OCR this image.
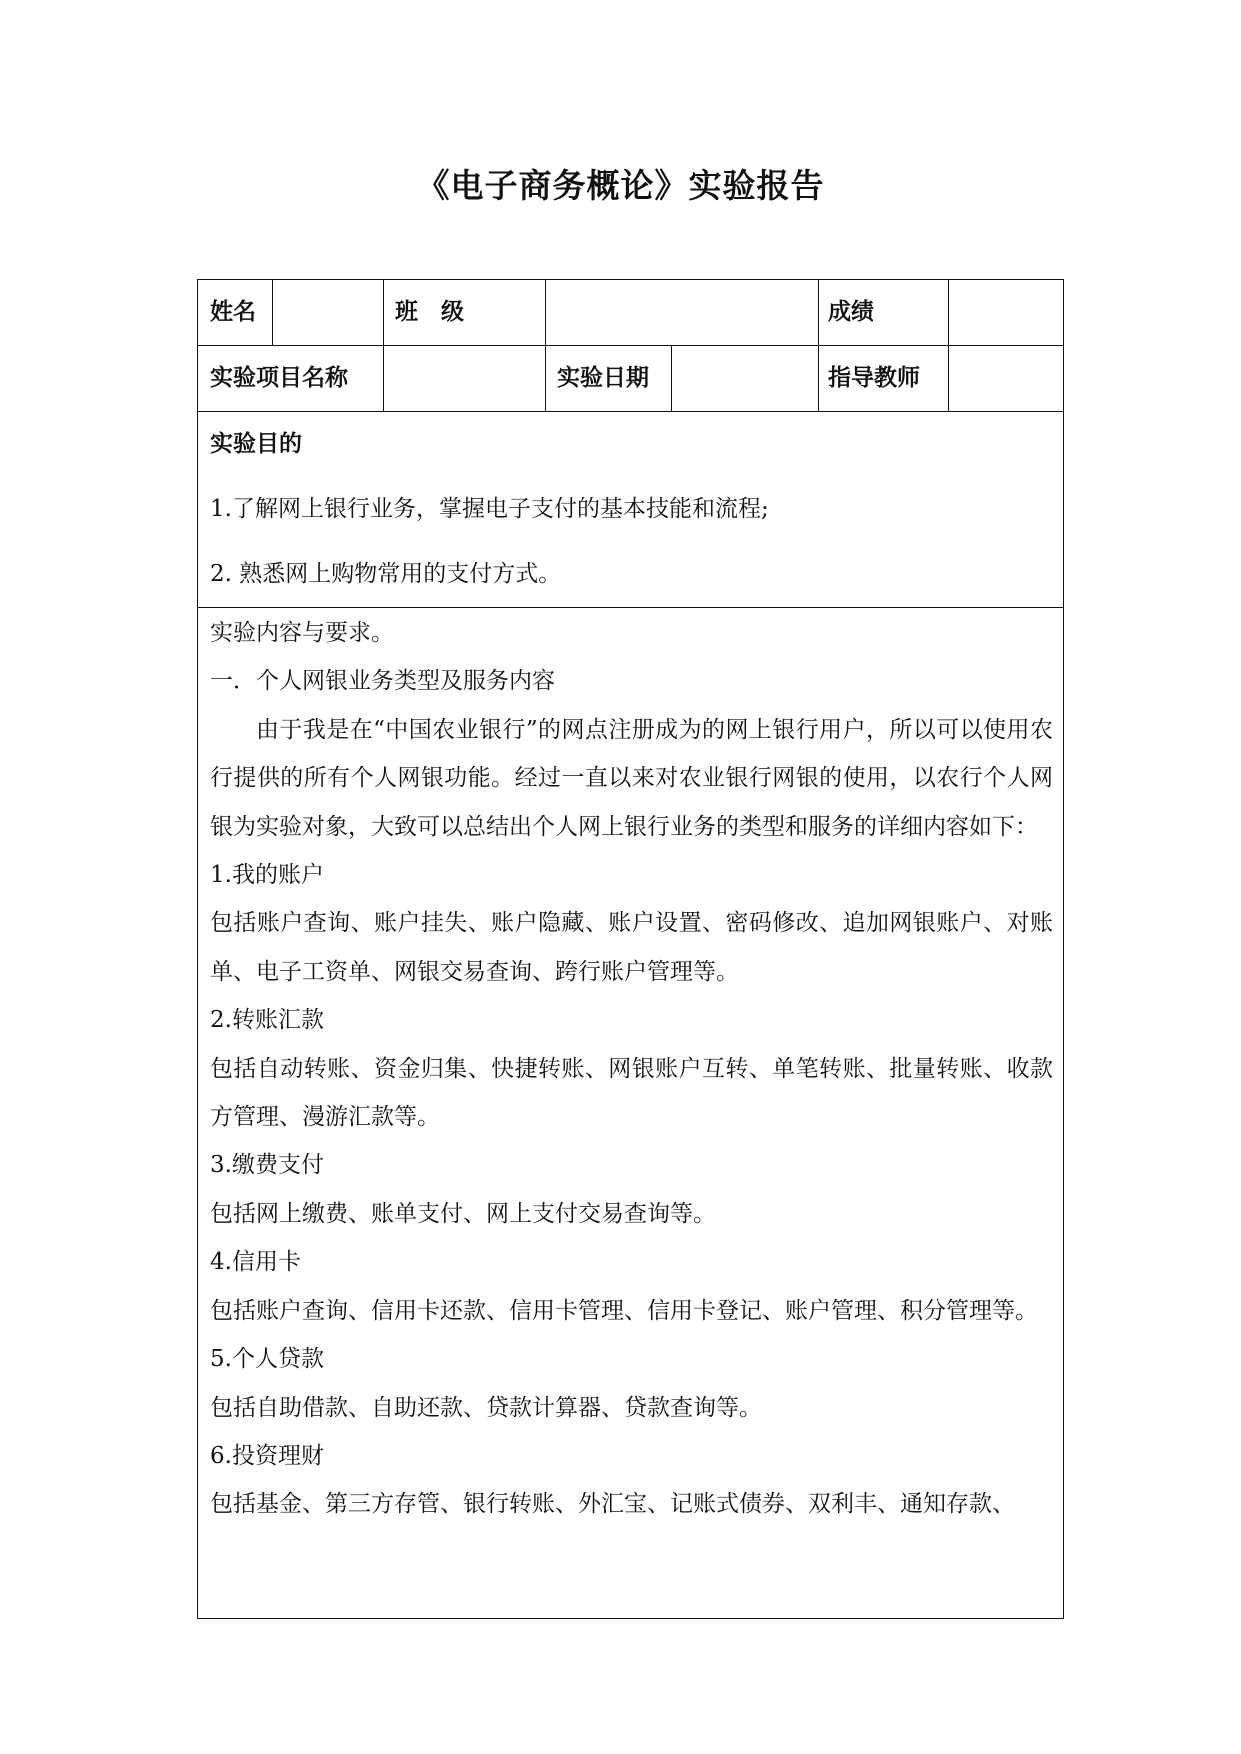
《电子商务概论》实验报告
姓名	班　级	成绩
实验项目名称	实验日期	指导教师
实验目的
1.了解网上银行业务，掌握电子支付的基本技能和流程;
2. 熟悉网上购物常用的支付方式。

实验内容与要求。

一．个人网银业务类型及服务内容

由于我是在“中国农业银行”的网点注册成为的网上银行用户，所以可以使用农行提供的所有个人网银功能。经过一直以来对农业银行网银的使用，以农行个人网银为实验对象，大致可以总结出个人网上银行业务的类型和服务的详细内容如下：

1.我的账户

包括账户查询、账户挂失、账户隐藏、账户设置、密码修改、追加网银账户、对账单、电子工资单、网银交易查询、跨行账户管理等。

2.转账汇款

包括自动转账、资金归集、快捷转账、网银账户互转、单笔转账、批量转账、收款方管理、漫游汇款等。

3.缴费支付

包括网上缴费、账单支付、网上支付交易查询等。

4.信用卡

包括账户查询、信用卡还款、信用卡管理、信用卡登记、账户管理、积分管理等。

5.个人贷款

包括自助借款、自助还款、贷款计算器、贷款查询等。

6.投资理财

包括基金、第三方存管、银行转账、外汇宝、记账式债券、双利丰、通知存款、
